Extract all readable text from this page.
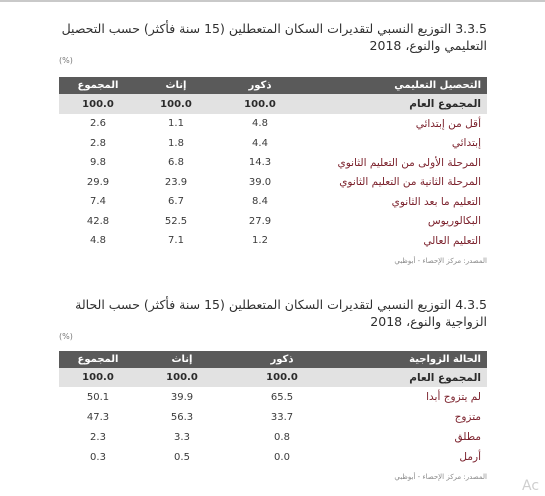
3.3.5 التوزيع النسبي لتقديرات السكان المتعطلين (15 سنة فأكثر) حسب التحصيل التعليمي والنوع، 2018
(%)
التحصيل التعليمي	ذكور	إناث	المجموع
المجموع العام	100.0	100.0	100.0
أقل من إبتدائي	4.8	1.1	2.6
إبتدائي	4.4	1.8	2.8
المرحلة الأولى من التعليم الثانوي	14.3	6.8	9.8
المرحلة الثانية من التعليم الثانوي	39.0	23.9	29.9
التعليم ما بعد الثانوي	8.4	6.7	7.4
البكالوريوس	27.9	52.5	42.8
التعليم العالي	1.2	7.1	4.8
المصدر: مركز الإحصاء - أبوظبي
4.3.5 التوزيع النسبي لتقديرات السكان المتعطلين (15 سنة فأكثر) حسب الحالة الزواجية والنوع، 2018
(%)
الحالة الزواجية	ذكور	إناث	المجموع
المجموع العام	100.0	100.0	100.0
لم يتزوج أبدا	65.5	39.9	50.1
متزوج	33.7	56.3	47.3
مطلق	0.8	3.3	2.3
أرمل	0.0	0.5	0.3
المصدر: مركز الإحصاء - أبوظبي
Ac
